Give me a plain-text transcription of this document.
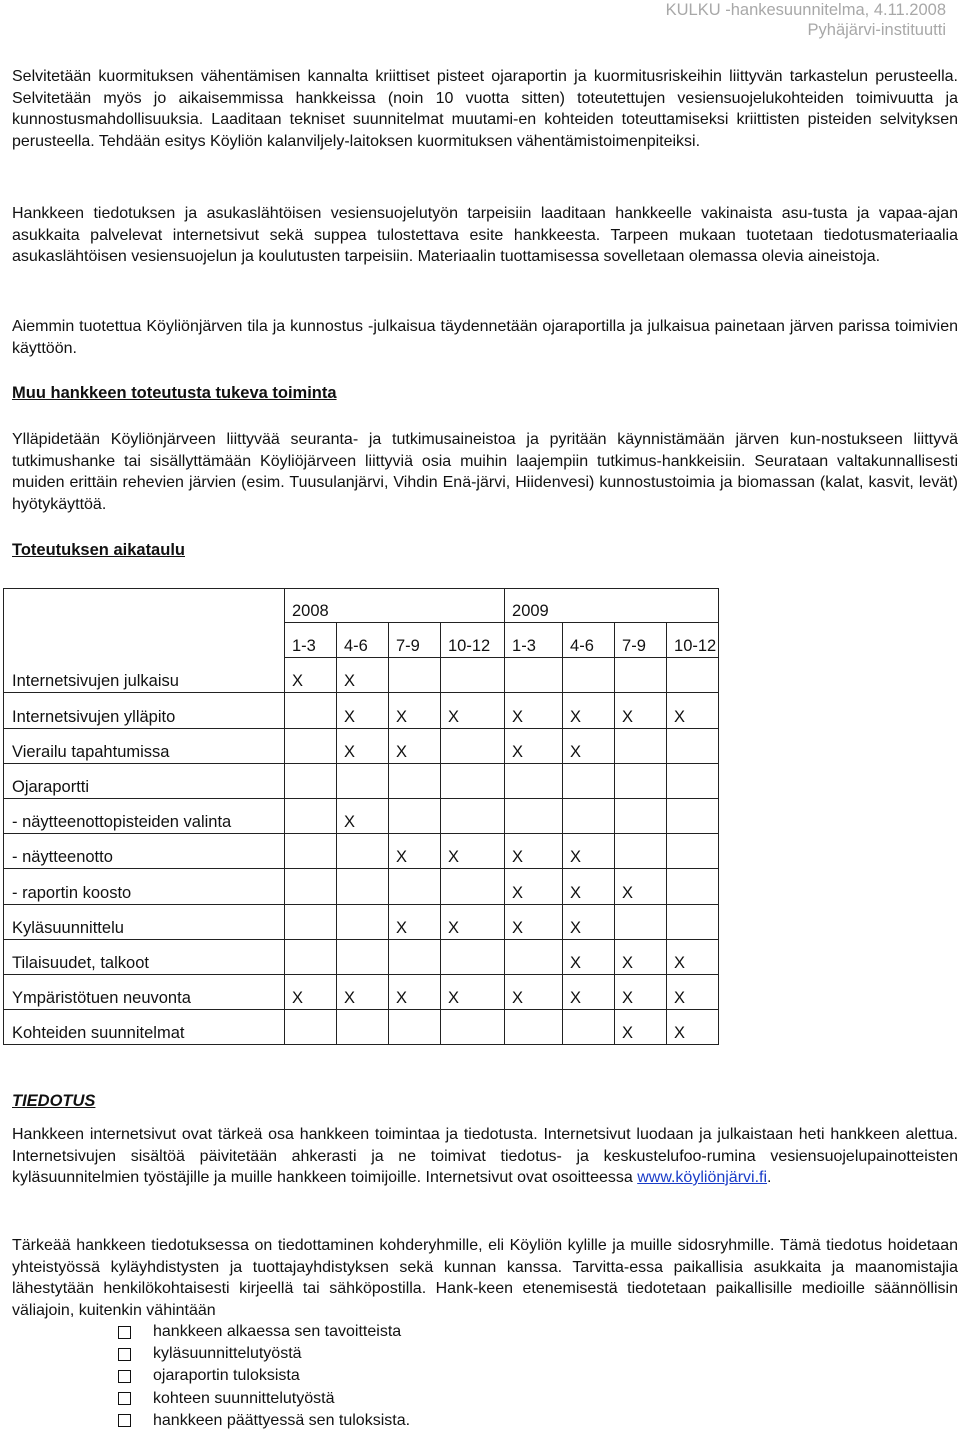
KULKU -hankesuunnitelma, 4.11.2008
Pyhäjärvi-instituutti
Selvitetään kuormituksen vähentämisen kannalta kriittiset pisteet ojaraportin ja kuormitusriskeihin liittyvän tarkastelun perusteella. Selvitetään myös jo aikaisemmissa hankkeissa (noin 10 vuotta sitten) toteutettujen vesiensuojelukohteiden toimivuutta ja kunnostusmahdollisuuksia. Laaditaan tekniset suunnitelmat muutami-en kohteiden toteuttamiseksi kriittisten pisteiden selvityksen perusteella. Tehdään esitys Köyliön kalanviljely-laitoksen kuormituksen vähentämistoimenpiteiksi.
Hankkeen tiedotuksen ja asukaslähtöisen vesiensuojelutyön tarpeisiin laaditaan hankkeelle vakinaista asu-tusta ja vapaa-ajan asukkaita palvelevat internetsivut sekä suppea tulostettava esite hankkeesta. Tarpeen mukaan tuotetaan tiedotusmateriaalia asukaslähtöisen vesiensuojelun ja koulutusten tarpeisiin. Materiaalin tuottamisessa sovelletaan olemassa olevia aineistoja.
Aiemmin tuotettua Köyliönjärven tila ja kunnostus -julkaisua täydennetään ojaraportilla ja julkaisua painetaan järven parissa toimivien käyttöön.
Muu hankkeen toteutusta tukeva toiminta
Ylläpidetään Köyliönjärveen liittyvää seuranta- ja tutkimusaineistoa ja pyritään käynnistämään järven kun-nostukseen liittyvä tutkimushanke tai sisällyttämään Köyliöjärveen liittyviä osia muihin laajempiin tutkimus-hankkeisiin. Seurataan valtakunnallisesti muiden erittäin rehevien järvien (esim. Tuusulanjärvi, Vihdin Enä-järvi, Hiidenvesi) kunnostustoimia ja biomassan (kalat, kasvit, levät) hyötykäyttöä.
Toteutuksen aikataulu
	2008				2009			
	1-3	4-6	7-9	10-12	1-3	4-6	7-9	10-12
Internetsivujen julkaisu	X	X						
Internetsivujen ylläpito		X	X	X	X	X	X	X
Vierailu tapahtumissa		X	X		X	X		
Ojaraportti								
- näytteenottopisteiden valinta		X						
- näytteenotto			X	X	X	X		
- raportin koosto					X	X	X	
Kyläsuunnittelu			X	X	X	X		
Tilaisuudet, talkoot						X	X	X
Ympäristötuen neuvonta	X	X	X	X	X	X	X	X
Kohteiden suunnitelmat							X	X
TIEDOTUS
Hankkeen internetsivut ovat tärkeä osa hankkeen toimintaa ja tiedotusta. Internetsivut luodaan ja julkaistaan heti hankkeen alettua. Internetsivujen sisältöä päivitetään ahkerasti ja ne toimivat tiedotus- ja keskustelufoo-rumina vesiensuojelupainotteisten kyläsuunnitelmien työstäjille ja muille hankkeen toimijoille. Internetsivut ovat osoitteessa www.köyliönjärvi.fi.
Tärkeää hankkeen tiedotuksessa on tiedottaminen kohderyhmille, eli Köyliön kylille ja muille sidosryhmille. Tämä tiedotus hoidetaan yhteistyössä kyläyhdistysten ja tuottajayhdistyksen sekä kunnan kanssa. Tarvitta-essa paikallisia asukkaita ja maanomistajia lähestytään henkilökohtaisesti kirjeellä tai sähköpostilla. Hank-keen etenemisestä tiedotetaan paikallisille medioille säännöllisin väliajoin, kuitenkin vähintään
hankkeen alkaessa sen tavoitteista
kyläsuunnittelutyöstä
ojaraportin tuloksista
kohteen suunnittelutyöstä
hankkeen päättyessä sen tuloksista.
